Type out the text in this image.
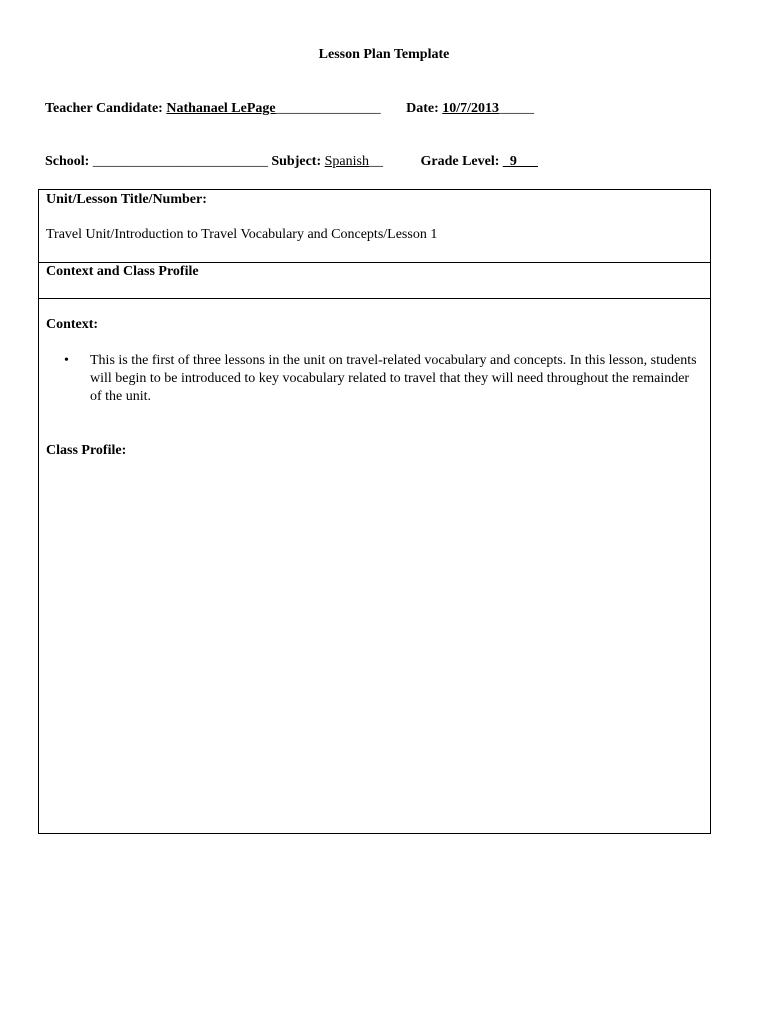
Lesson Plan Template
Teacher Candidate: Nathanael LePage_______________ Date: 10/7/2013_____
School: _________________________ Subject: Spanish__	Grade Level: _9___
Unit/Lesson Title/Number:
Travel Unit/Introduction to Travel Vocabulary and Concepts/Lesson 1
Context and Class Profile
Context:
•	This is the first of three lessons in the unit on travel-related vocabulary and concepts. In this lesson, students will begin to be introduced to key vocabulary related to travel that they will need throughout the remainder of the unit.
Class Profile:
